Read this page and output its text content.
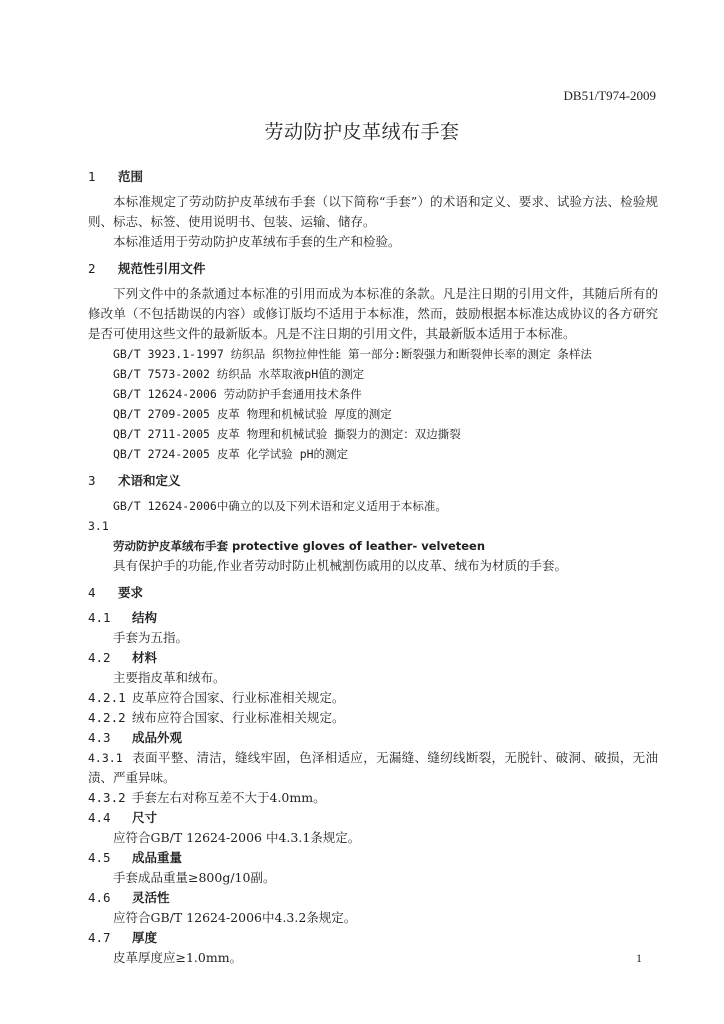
DB51/T974-2009
劳动防护皮革绒布手套
1 范围
本标准规定了劳动防护皮革绒布手套（以下简称“手套”）的术语和定义、要求、试验方法、检验规则、标志、标签、使用说明书、包装、运输、储存。
本标准适用于劳动防护皮革绒布手套的生产和检验。
2 规范性引用文件
下列文件中的条款通过本标准的引用而成为本标准的条款。凡是注日期的引用文件，其随后所有的修改单（不包括勘误的内容）或修订版均不适用于本标准，然而，鼓励根据本标准达成协议的各方研究是否可使用这些文件的最新版本。凡是不注日期的引用文件，其最新版本适用于本标准。
GB/T 3923.1-1997 纺织品 织物拉伸性能 第一部分:断裂强力和断裂伸长率的测定 条样法
GB/T 7573-2002 纺织品 水萃取液pH值的测定
GB/T 12624-2006 劳动防护手套通用技术条件
QB/T 2709-2005 皮革 物理和机械试验 厚度的测定
QB/T 2711-2005 皮革 物理和机械试验 撕裂力的测定：双边撕裂
QB/T 2724-2005 皮革 化学试验 pH的测定
3 术语和定义
GB/T 12624-2006中确立的以及下列术语和定义适用于本标准。
3.1
劳动防护皮革绒布手套 protective gloves of leather- velveteen
具有保护手的功能,作业者劳动时防止机械割伤戚用的以皮革、绒布为材质的手套。
4 要求
4.1 结构
手套为五指。
4.2 材料
主要指皮革和绒布。
4.2.1 皮革应符合国家、行业标准相关规定。
4.2.2 绒布应符合国家、行业标准相关规定。
4.3 成品外观
4.3.1 表面平整、清洁，缝线牢固，色泽相适应，无漏缝、缝纫线断裂，无脱针、破洞、破损，无油渍、严重异味。
4.3.2 手套左右对称互差不大于4.0mm。
4.4 尺寸
应符合GB/T 12624-2006 中4.3.1条规定。
4.5 成品重量
手套成品重量≥800g/10副。
4.6 灵活性
应符合GB/T 12624-2006中4.3.2条规定。
4.7 厚度
皮革厚度应≥1.0mm。	1
